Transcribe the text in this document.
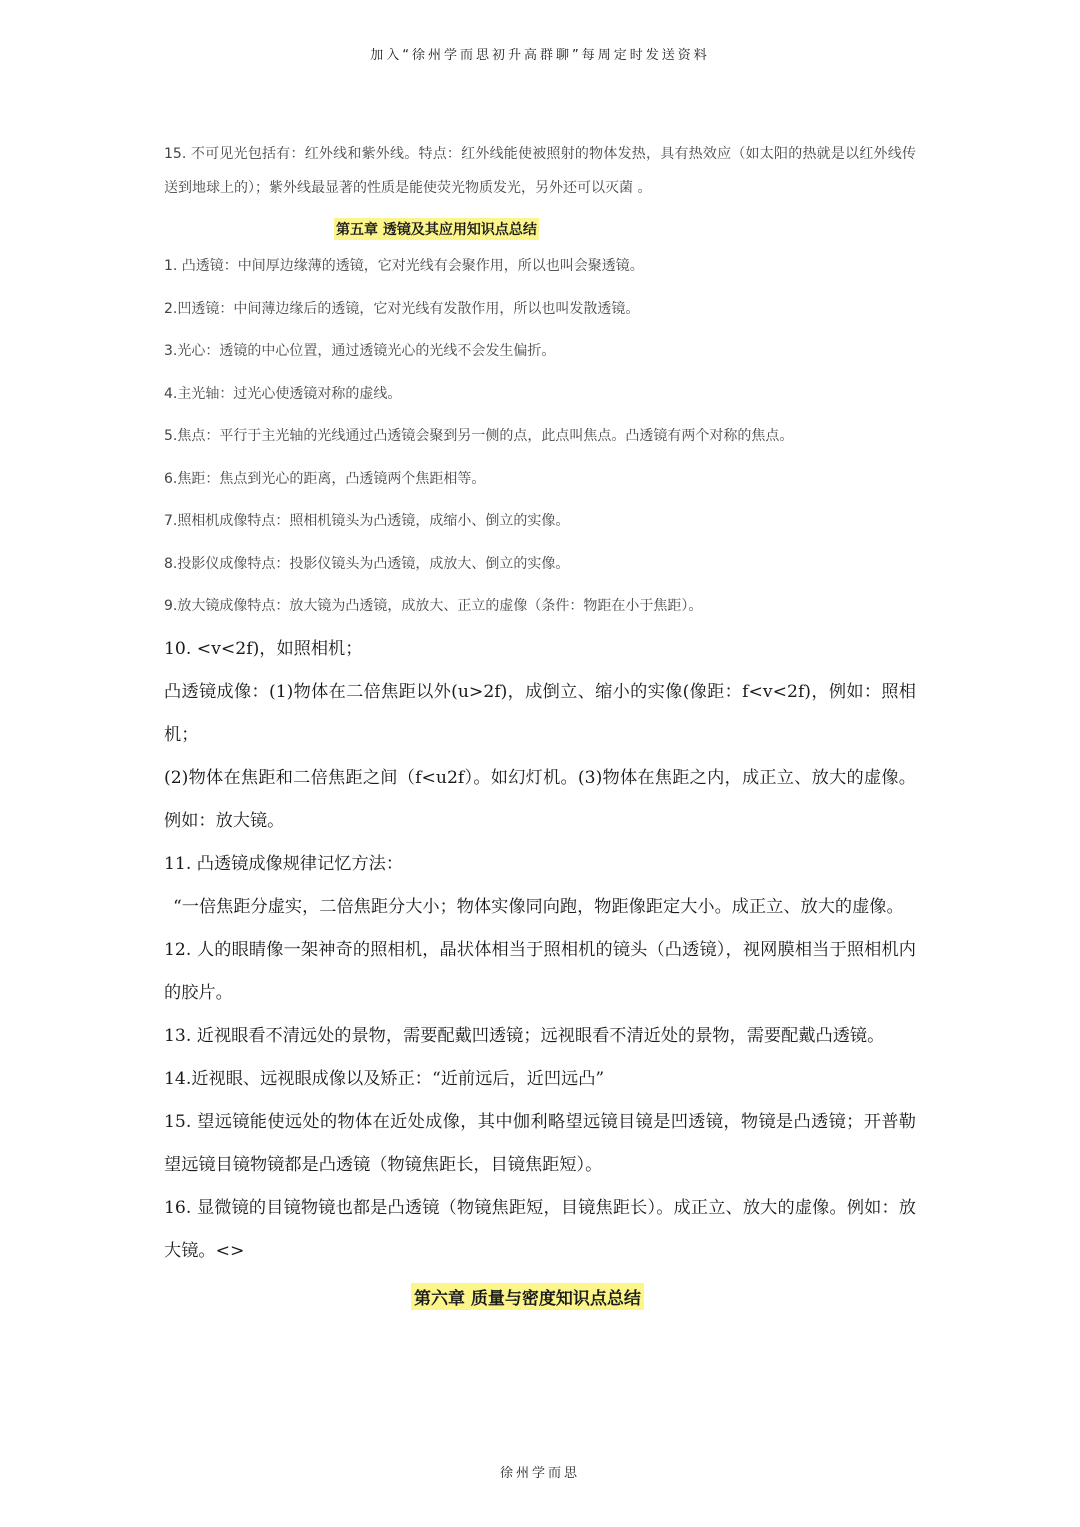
加入“徐州学而思初升高群聊”每周定时发送资料

15. 不可见光包括有：红外线和紫外线。特点：红外线能使被照射的物体发热，具有热效应（如太阳的热就是以红外线传送到地球上的）；紫外线最显著的性质是能使荧光物质发光，另外还可以灭菌 。

第五章 透镜及其应用知识点总结

1. 凸透镜：中间厚边缘薄的透镜，它对光线有会聚作用，所以也叫会聚透镜。

2.凹透镜：中间薄边缘后的透镜，它对光线有发散作用，所以也叫发散透镜。

3.光心：透镜的中心位置，通过透镜光心的光线不会发生偏折。

4.主光轴：过光心使透镜对称的虚线。

5.焦点：平行于主光轴的光线通过凸透镜会聚到另一侧的点，此点叫焦点。凸透镜有两个对称的焦点。

6.焦距：焦点到光心的距离，凸透镜两个焦距相等。

7.照相机成像特点：照相机镜头为凸透镜，成缩小、倒立的实像。

8.投影仪成像特点：投影仪镜头为凸透镜，成放大、倒立的实像。

9.放大镜成像特点：放大镜为凸透镜，成放大、正立的虚像（条件：物距在小于焦距）。

10. <v<2f)，如照相机；

凸透镜成像：(1)物体在二倍焦距以外(u>2f)，成倒立、缩小的实像(像距：f<v<2f)，例如：照相机；

(2)物体在焦距和二倍焦距之间（f<u2f）。如幻灯机。(3)物体在焦距之内，成正立、放大的虚像。例如：放大镜。

11. 凸透镜成像规律记忆方法：

“一倍焦距分虚实，二倍焦距分大小；物体实像同向跑，物距像距定大小。成正立、放大的虚像。

12. 人的眼睛像一架神奇的照相机，晶状体相当于照相机的镜头（凸透镜），视网膜相当于照相机内的胶片。

13. 近视眼看不清远处的景物，需要配戴凹透镜；远视眼看不清近处的景物，需要配戴凸透镜。

14.近视眼、远视眼成像以及矫正：“近前远后，近凹远凸”

15. 望远镜能使远处的物体在近处成像，其中伽利略望远镜目镜是凹透镜，物镜是凸透镜；开普勒望远镜目镜物镜都是凸透镜（物镜焦距长，目镜焦距短）。

16. 显微镜的目镜物镜也都是凸透镜（物镜焦距短，目镜焦距长）。成正立、放大的虚像。例如：放大镜。<>

第六章 质量与密度知识点总结
徐州学而思
